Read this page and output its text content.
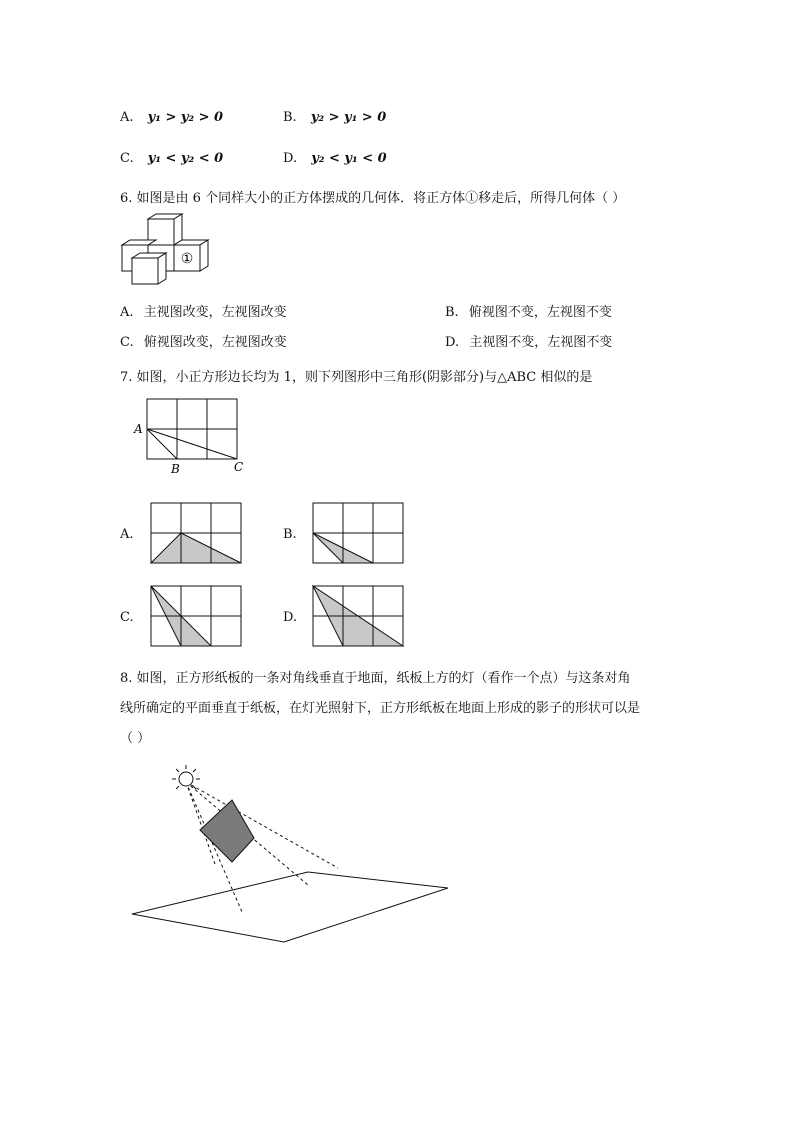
A. y₁ > y₂ > 0	B. y₂ > y₁ > 0
C. y₁ < y₂ < 0	D. y₂ < y₁ < 0
6. 如图是由 6 个同样大小的正方体摆成的几何体．将正方体①移走后，所得几何体（ ）
①
A. 主视图改变，左视图改变	B. 俯视图不变，左视图不变
C. 俯视图改变，左视图改变	D. 主视图不变，左视图不变
7. 如图，小正方形边长均为 1，则下列图形中三角形(阴影部分)与△ABC 相似的是
A
B	C
A.	B.
C.	D.
8. 如图，正方形纸板的一条对角线垂直于地面，纸板上方的灯（看作一个点）与这条对角
线所确定的平面垂直于纸板，在灯光照射下，正方形纸板在地面上形成的影子的形状可以是
（ ）
